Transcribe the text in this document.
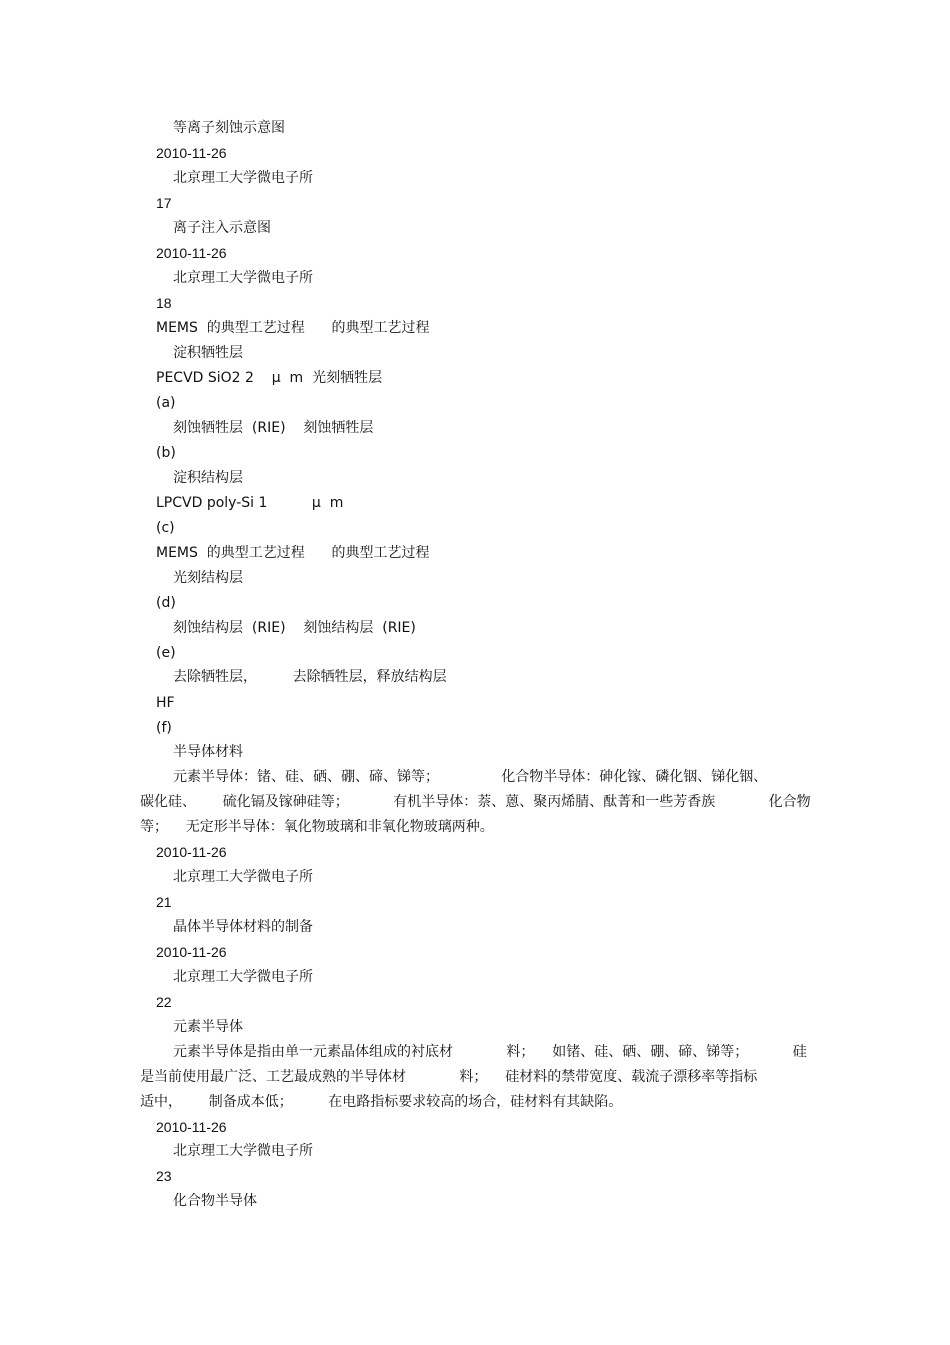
等离子刻蚀示意图
2010-11-26
北京理工大学微电子所
17
离子注入示意图
2010-11-26
北京理工大学微电子所
18
MEMS  的典型工艺过程      的典型工艺过程
淀积牺牲层
PECVD SiO2 2    μ  m  光刻牺牲层
(a)
刻蚀牺牲层  (RIE)    刻蚀牺牲层
(b)
淀积结构层
LPCVD poly-Si 1          μ  m
(c)
MEMS  的典型工艺过程      的典型工艺过程
光刻结构层
(d)
刻蚀结构层  (RIE)    刻蚀结构层  (RIE)
(e)
去除牺牲层，        去除牺牲层，释放结构层
HF
(f)
半导体材料
元素半导体：锗、硅、硒、硼、碲、锑等；              化合物半导体：砷化镓、磷化铟、锑化铟、
碳化硅、      硫化镉及镓砷硅等；          有机半导体：萘、蒽、聚丙烯腈、酞菁和一些芳香族            化合物
等；    无定形半导体：氧化物玻璃和非氧化物玻璃两种。
2010-11-26
北京理工大学微电子所
21
晶体半导体材料的制备
2010-11-26
北京理工大学微电子所
22
元素半导体
元素半导体是指由单一元素晶体组成的衬底材            料；    如锗、硅、硒、硼、碲、锑等；          硅
是当前使用最广泛、工艺最成熟的半导体材            料；    硅材料的禁带宽度、载流子漂移率等指标
适中，      制备成本低；        在电路指标要求较高的场合，硅材料有其缺陷。
2010-11-26
北京理工大学微电子所
23
化合物半导体
